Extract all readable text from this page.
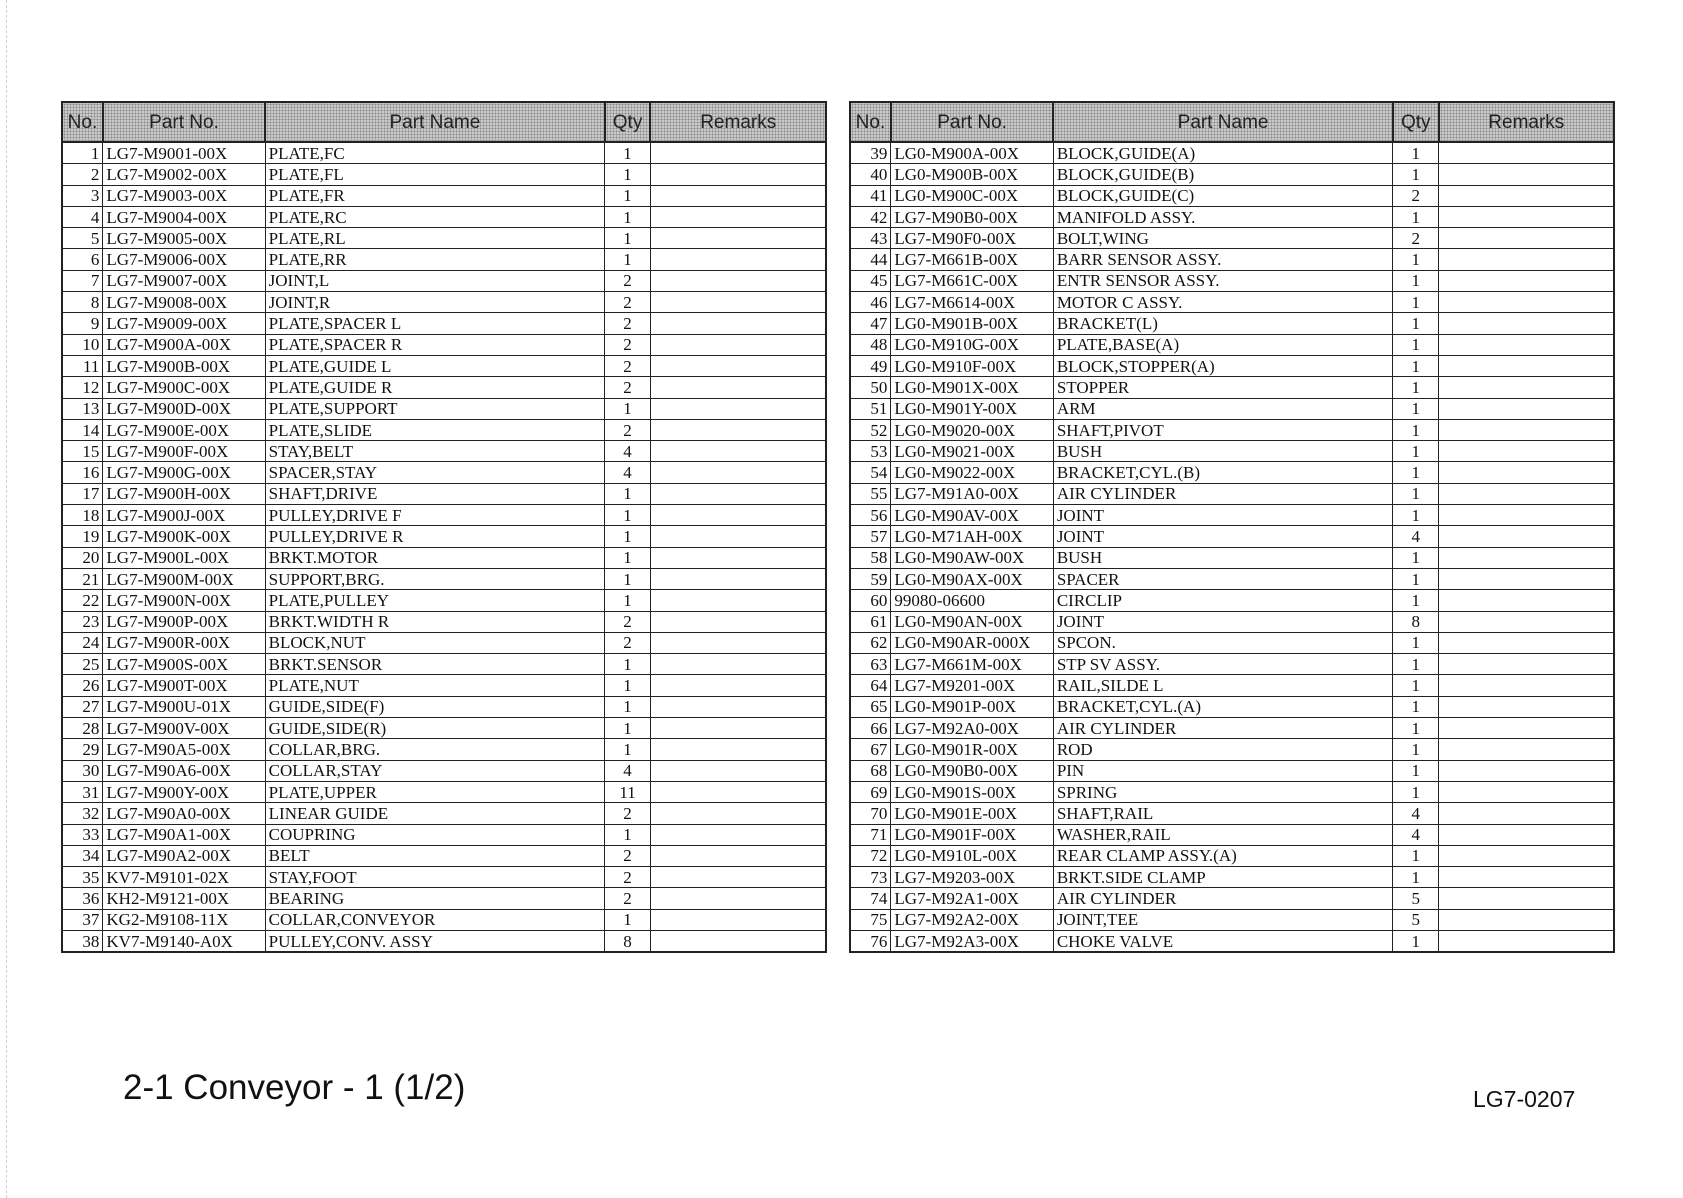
No.	Part No.	Part Name	Qty	Remarks
1	LG7-M9001-00X	PLATE,FC	1	
2	LG7-M9002-00X	PLATE,FL	1	
3	LG7-M9003-00X	PLATE,FR	1	
4	LG7-M9004-00X	PLATE,RC	1	
5	LG7-M9005-00X	PLATE,RL	1	
6	LG7-M9006-00X	PLATE,RR	1	
7	LG7-M9007-00X	JOINT,L	2	
8	LG7-M9008-00X	JOINT,R	2	
9	LG7-M9009-00X	PLATE,SPACER L	2	
10	LG7-M900A-00X	PLATE,SPACER R	2	
11	LG7-M900B-00X	PLATE,GUIDE L	2	
12	LG7-M900C-00X	PLATE,GUIDE R	2	
13	LG7-M900D-00X	PLATE,SUPPORT	1	
14	LG7-M900E-00X	PLATE,SLIDE	2	
15	LG7-M900F-00X	STAY,BELT	4	
16	LG7-M900G-00X	SPACER,STAY	4	
17	LG7-M900H-00X	SHAFT,DRIVE	1	
18	LG7-M900J-00X	PULLEY,DRIVE F	1	
19	LG7-M900K-00X	PULLEY,DRIVE R	1	
20	LG7-M900L-00X	BRKT.MOTOR	1	
21	LG7-M900M-00X	SUPPORT,BRG.	1	
22	LG7-M900N-00X	PLATE,PULLEY	1	
23	LG7-M900P-00X	BRKT.WIDTH R	2	
24	LG7-M900R-00X	BLOCK,NUT	2	
25	LG7-M900S-00X	BRKT.SENSOR	1	
26	LG7-M900T-00X	PLATE,NUT	1	
27	LG7-M900U-01X	GUIDE,SIDE(F)	1	
28	LG7-M900V-00X	GUIDE,SIDE(R)	1	
29	LG7-M90A5-00X	COLLAR,BRG.	1	
30	LG7-M90A6-00X	COLLAR,STAY	4	
31	LG7-M900Y-00X	PLATE,UPPER	11	
32	LG7-M90A0-00X	LINEAR GUIDE	2	
33	LG7-M90A1-00X	COUPRING	1	
34	LG7-M90A2-00X	BELT	2	
35	KV7-M9101-02X	STAY,FOOT	2	
36	KH2-M9121-00X	BEARING	2	
37	KG2-M9108-11X	COLLAR,CONVEYOR	1	
38	KV7-M9140-A0X	PULLEY,CONV. ASSY	8	
No.	Part No.	Part Name	Qty	Remarks
39	LG0-M900A-00X	BLOCK,GUIDE(A)	1	
40	LG0-M900B-00X	BLOCK,GUIDE(B)	1	
41	LG0-M900C-00X	BLOCK,GUIDE(C)	2	
42	LG7-M90B0-00X	MANIFOLD ASSY.	1	
43	LG7-M90F0-00X	BOLT,WING	2	
44	LG7-M661B-00X	BARR SENSOR ASSY.	1	
45	LG7-M661C-00X	ENTR SENSOR ASSY.	1	
46	LG7-M6614-00X	MOTOR C ASSY.	1	
47	LG0-M901B-00X	BRACKET(L)	1	
48	LG0-M910G-00X	PLATE,BASE(A)	1	
49	LG0-M910F-00X	BLOCK,STOPPER(A)	1	
50	LG0-M901X-00X	STOPPER	1	
51	LG0-M901Y-00X	ARM	1	
52	LG0-M9020-00X	SHAFT,PIVOT	1	
53	LG0-M9021-00X	BUSH	1	
54	LG0-M9022-00X	BRACKET,CYL.(B)	1	
55	LG7-M91A0-00X	AIR CYLINDER	1	
56	LG0-M90AV-00X	JOINT	1	
57	LG0-M71AH-00X	JOINT	4	
58	LG0-M90AW-00X	BUSH	1	
59	LG0-M90AX-00X	SPACER	1	
60	99080-06600	CIRCLIP	1	
61	LG0-M90AN-00X	JOINT	8	
62	LG0-M90AR-000X	SPCON.	1	
63	LG7-M661M-00X	STP SV ASSY.	1	
64	LG7-M9201-00X	RAIL,SILDE L	1	
65	LG0-M901P-00X	BRACKET,CYL.(A)	1	
66	LG7-M92A0-00X	AIR CYLINDER	1	
67	LG0-M901R-00X	ROD	1	
68	LG0-M90B0-00X	PIN	1	
69	LG0-M901S-00X	SPRING	1	
70	LG0-M901E-00X	SHAFT,RAIL	4	
71	LG0-M901F-00X	WASHER,RAIL	4	
72	LG0-M910L-00X	REAR CLAMP ASSY.(A)	1	
73	LG7-M9203-00X	BRKT.SIDE CLAMP	1	
74	LG7-M92A1-00X	AIR CYLINDER	5	
75	LG7-M92A2-00X	JOINT,TEE	5	
76	LG7-M92A3-00X	CHOKE VALVE	1	
2-1 Conveyor - 1 (1/2)	LG7-0207
